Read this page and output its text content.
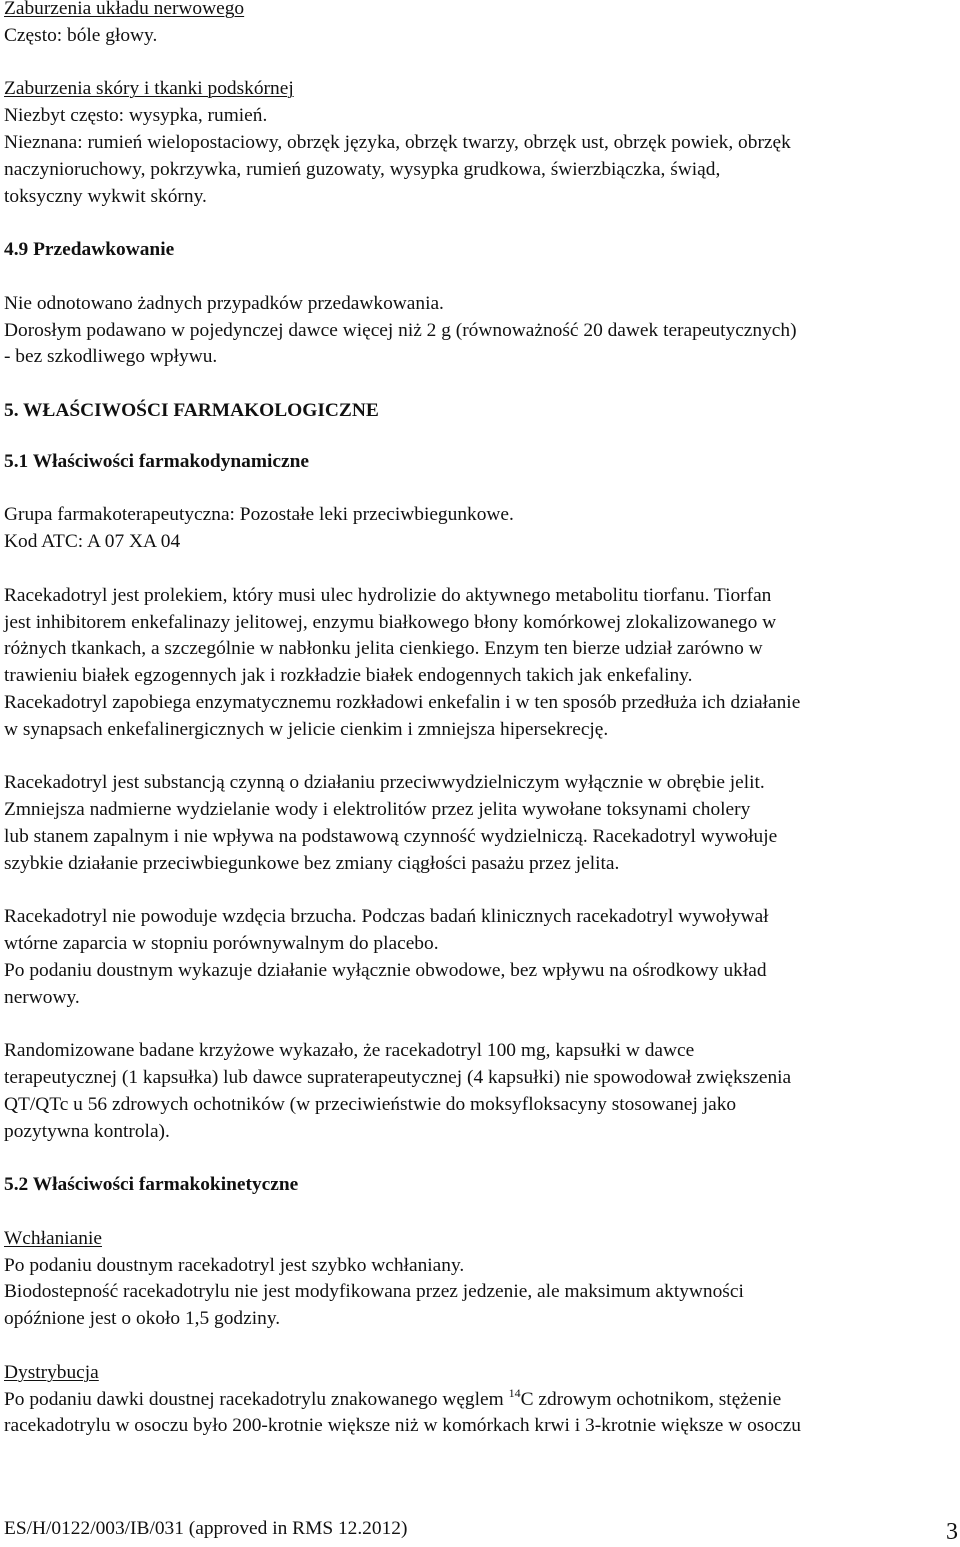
Zaburzenia układu nerwowego
Często: bóle głowy.
Zaburzenia skóry i tkanki podskórnej
Niezbyt często: wysypka, rumień.
Nieznana: rumień wielopostaciowy, obrzęk języka, obrzęk twarzy, obrzęk ust, obrzęk powiek, obrzęk
naczynioruchowy, pokrzywka, rumień guzowaty, wysypka grudkowa, świerzbiączka, świąd,
toksyczny wykwit skórny.
4.9 Przedawkowanie
Nie odnotowano żadnych przypadków przedawkowania.
Dorosłym podawano w pojedynczej dawce więcej niż 2 g (równoważność 20 dawek terapeutycznych)
- bez szkodliwego wpływu.
5. WŁAŚCIWOŚCI FARMAKOLOGICZNE
5.1 Właściwości farmakodynamiczne
Grupa farmakoterapeutyczna: Pozostałe leki przeciwbiegunkowe.
Kod ATC: A 07 XA 04
Racekadotryl jest prolekiem, który musi ulec hydrolizie do aktywnego metabolitu tiorfanu. Tiorfan
jest inhibitorem enkefalinazy jelitowej, enzymu białkowego błony komórkowej zlokalizowanego w
różnych tkankach, a szczególnie w nabłonku jelita cienkiego. Enzym ten bierze udział zarówno w
trawieniu białek egzogennych jak i rozkładzie białek endogennych takich jak enkefaliny.
Racekadotryl zapobiega enzymatycznemu rozkładowi enkefalin i w ten sposób przedłuża ich działanie
w synapsach enkefalinergicznych w jelicie cienkim i zmniejsza hipersekrecję.
Racekadotryl jest substancją czynną o działaniu przeciwwydzielniczym wyłącznie w obrębie jelit.
Zmniejsza nadmierne wydzielanie wody i elektrolitów przez jelita wywołane toksynami cholery
lub stanem zapalnym i nie wpływa na podstawową czynność wydzielniczą. Racekadotryl wywołuje
szybkie działanie przeciwbiegunkowe bez zmiany ciągłości pasażu przez jelita.
Racekadotryl nie powoduje wzdęcia brzucha. Podczas badań klinicznych racekadotryl wywoływał
wtórne zaparcia w stopniu porównywalnym do placebo.
Po podaniu doustnym wykazuje działanie wyłącznie obwodowe, bez wpływu na ośrodkowy układ
nerwowy.
Randomizowane badane krzyżowe wykazało, że racekadotryl 100 mg, kapsułki w dawce
terapeutycznej (1 kapsułka) lub dawce supraterapeutycznej (4 kapsułki) nie spowodował zwiększenia
QT/QTc u 56 zdrowych ochotników (w przeciwieństwie do moksyfloksacyny stosowanej jako
pozytywna kontrola).
5.2 Właściwości farmakokinetyczne
Wchłanianie
Po podaniu doustnym racekadotryl jest szybko wchłaniany.
Biodostepność racekadotrylu nie jest modyfikowana przez jedzenie, ale maksimum aktywności
opóźnione jest o około 1,5 godziny.
Dystrybucja
Po podaniu dawki doustnej racekadotrylu znakowanego węglem $^{14}$C zdrowym ochotnikom, stężenie
racekadotrylu w osoczu było 200-krotnie większe niż w komórkach krwi i 3-krotnie większe w osoczu
ES/H/0122/003/IB/031 (approved in RMS 12.2012)	3
